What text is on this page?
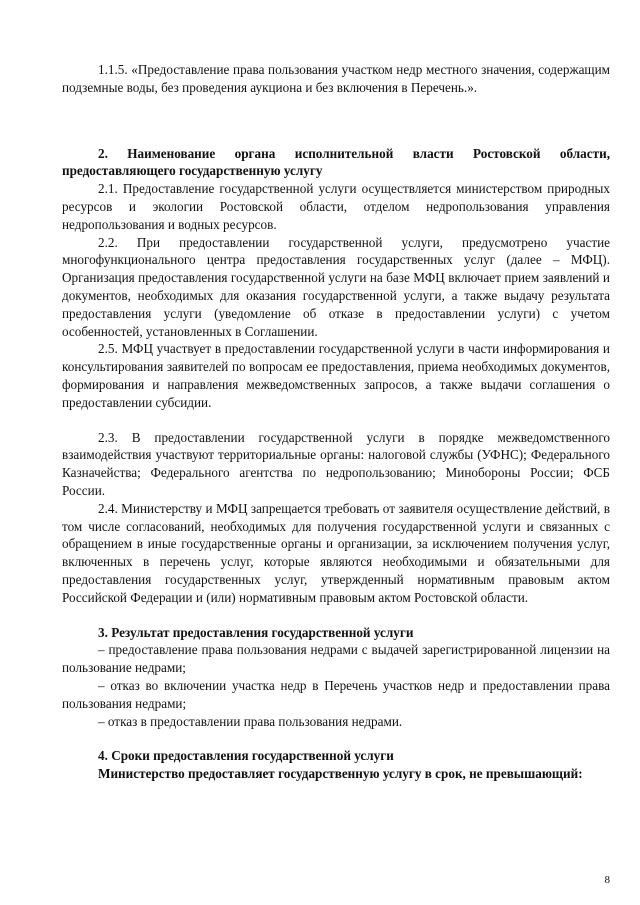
1.1.5. «Предоставление права пользования участком недр местного значения, содержащим подземные воды, без проведения аукциона и без включения в Перечень.».

2. Наименование органа исполнительной власти Ростовской области, предоставляющего государственную услугу

2.1. Предоставление государственной услуги осуществляется министерством природных ресурсов и экологии Ростовской области, отделом недропользования управления недропользования и водных ресурсов.

2.2. При предоставлении государственной услуги, предусмотрено участие многофункционального центра предоставления государственных услуг (далее – МФЦ). Организация предоставления государственной услуги на базе МФЦ включает прием заявлений и документов, необходимых для оказания государственной услуги, а также выдачу результата предоставления услуги (уведомление об отказе в предоставлении услуги) с учетом особенностей, установленных в Соглашении.

2.5. МФЦ участвует в предоставлении государственной услуги в части информирования и консультирования заявителей по вопросам ее предоставления, приема необходимых документов, формирования и направления межведомственных запросов, а также выдачи соглашения о предоставлении субсидии.

2.3. В предоставлении государственной услуги в порядке межведомственного взаимодействия участвуют территориальные органы: налоговой службы (УФНС); Федерального Казначейства; Федерального агентства по недропользованию; Минобороны России; ФСБ России.

2.4. Министерству и МФЦ запрещается требовать от заявителя осуществление действий, в том числе согласований, необходимых для получения государственной услуги и связанных с обращением в иные государственные органы и организации, за исключением получения услуг, включенных в перечень услуг, которые являются необходимыми и обязательными для предоставления государственных услуг, утвержденный нормативным правовым актом Российской Федерации и (или) нормативным правовым актом Ростовской области.

3. Результат предоставления государственной услуги

– предоставление права пользования недрами с выдачей зарегистрированной лицензии на пользование недрами;

– отказ во включении участка недр в Перечень участков недр и предоставлении права пользования недрами;

– отказ в предоставлении права пользования недрами.

4. Сроки предоставления государственной услуги

Министерство предоставляет государственную услугу в срок, не превышающий:

8
